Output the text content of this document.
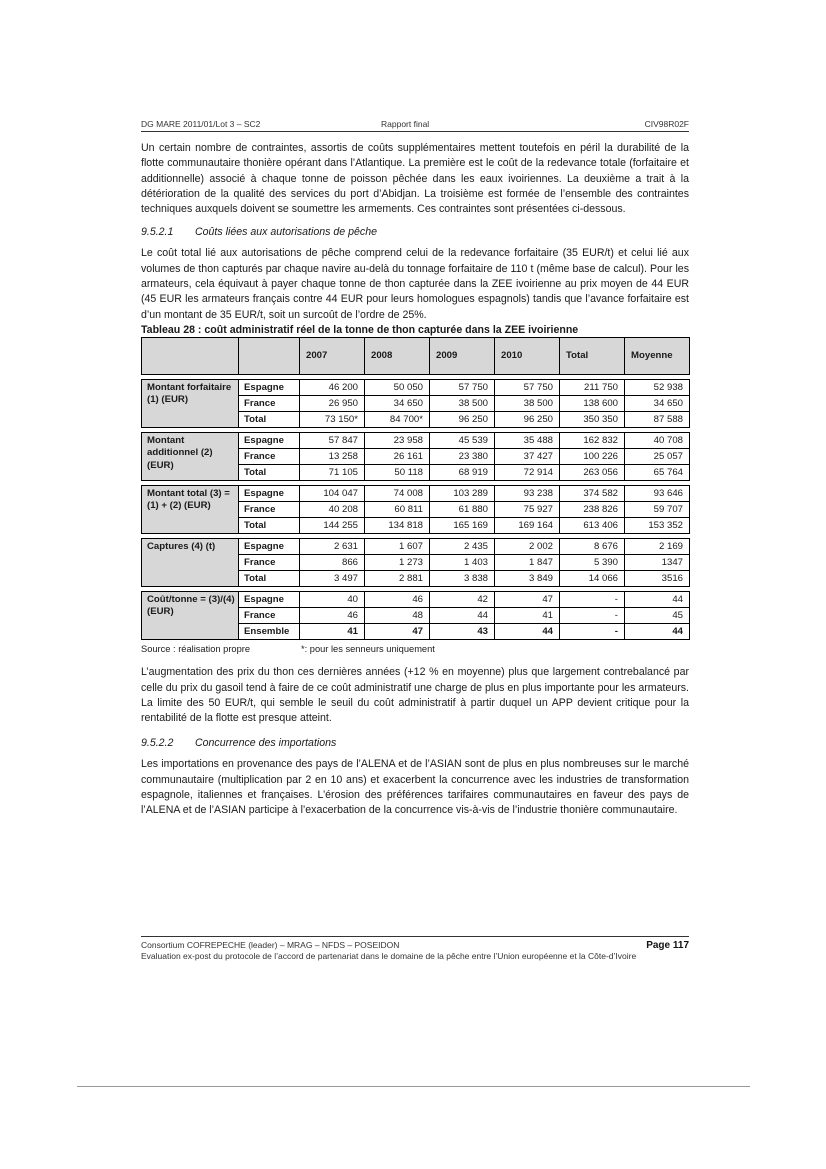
DG MARE 2011/01/Lot 3 – SC2	Rapport final	CIV98R02F

Un certain nombre de contraintes, assortis de coûts supplémentaires mettent toutefois en péril la durabilité de la flotte communautaire thonière opérant dans l’Atlantique. La première est le coût de la redevance totale (forfaitaire et additionnelle) associé à chaque tonne de poisson pêchée dans les eaux ivoiriennes. La deuxième a trait à la détérioration de la qualité des services du port d’Abidjan. La troisième est formée de l’ensemble des contraintes techniques auxquels doivent se soumettre les armements. Ces contraintes sont présentées ci-dessous.

9.5.2.1 Coûts liées aux autorisations de pêche

Le coût total lié aux autorisations de pêche comprend celui de la redevance forfaitaire (35 EUR/t) et celui lié aux volumes de thon capturés par chaque navire au-delà du tonnage forfaitaire de 110 t (même base de calcul). Pour les armateurs, cela équivaut à payer chaque tonne de thon capturée dans la ZEE ivoirienne au prix moyen de 44 EUR (45 EUR les armateurs français contre 44 EUR pour leurs homologues espagnols) tandis que l’avance forfaitaire est d’un montant de 35 EUR/t, soit un surcoût de l’ordre de 25%.

Tableau 28 : coût administratif réel de la tonne de thon capturée dans la ZEE ivoirienne
		2007	2008	2009	2010	Total	Moyenne

Montant forfaitaire (1) (EUR)	Espagne	46 200	50 050	57 750	57 750	211 750	52 938
	France	26 950	34 650	38 500	38 500	138 600	34 650
	Total	73 150*	84 700*	96 250	96 250	350 350	87 588

Montant additionnel (2) (EUR)	Espagne	57 847	23 958	45 539	35 488	162 832	40 708
	France	13 258	26 161	23 380	37 427	100 226	25 057
	Total	71 105	50 118	68 919	72 914	263 056	65 764

Montant total (3) = (1) + (2) (EUR)	Espagne	104 047	74 008	103 289	93 238	374 582	93 646
	France	40 208	60 811	61 880	75 927	238 826	59 707
	Total	144 255	134 818	165 169	169 164	613 406	153 352

Captures (4) (t)	Espagne	2 631	1 607	2 435	2 002	8 676	2 169
	France	866	1 273	1 403	1 847	5 390	1347
	Total	3 497	2 881	3 838	3 849	14 066	3516

Coût/tonne = (3)/(4) (EUR)	Espagne	40	46	42	47	-	44
	France	46	48	44	41	-	45
	Ensemble	41	47	43	44	-	44
Source : réalisation propre	*: pour les senneurs uniquement

L’augmentation des prix du thon ces dernières années (+12 % en moyenne) plus que largement contrebalancé par celle du prix du gasoil tend à faire de ce coût administratif une charge de plus en plus importante pour les armateurs. La limite des 50 EUR/t, qui semble le seuil du coût administratif à partir duquel un APP devient critique pour la rentabilité de la flotte est presque atteint.

9.5.2.2 Concurrence des importations

Les importations en provenance des pays de l’ALENA et de l’ASIAN sont de plus en plus nombreuses sur le marché communautaire (multiplication par 2 en 10 ans) et exacerbent la concurrence avec les industries de transformation espagnole, italiennes et françaises. L’érosion des préférences tarifaires communautaires en faveur des pays de l’ALENA et de l’ASIAN participe à l’exacerbation de la concurrence vis-à-vis de l’industrie thonière communautaire.

Consortium COFREPECHE (leader) – MRAG – NFDS – POSEIDON
Evaluation ex-post du protocole de l’accord de partenariat dans le domaine de la pêche entre l’Union européenne et la Côte-d’Ivoire
Page 117
